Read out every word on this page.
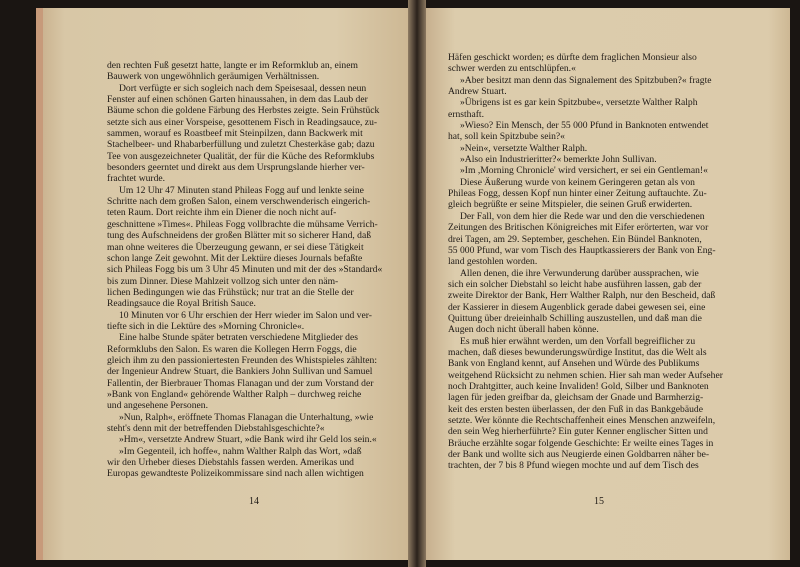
den rechten Fuß gesetzt hatte, langte er im Reformklub an, einem
Bauwerk von ungewöhnlich geräumigen Verhältnissen.
Dort verfügte er sich sogleich nach dem Speisesaal, dessen neun
Fenster auf einen schönen Garten hinaussahen, in dem das Laub der
Bäume schon die goldene Färbung des Herbstes zeigte. Sein Frühstück
setzte sich aus einer Vorspeise, gesottenem Fisch in Readingsauce, zu-
sammen, worauf es Roastbeef mit Steinpilzen, dann Backwerk mit
Stachelbeer- und Rhabarberfüllung und zuletzt Chesterkäse gab; dazu
Tee von ausgezeichneter Qualität, der für die Küche des Reformklubs
besonders geerntet und direkt aus dem Ursprungslande hierher ver-
frachtet wurde.
Um 12 Uhr 47 Minuten stand Phileas Fogg auf und lenkte seine
Schritte nach dem großen Salon, einem verschwenderisch eingerich-
teten Raum. Dort reichte ihm ein Diener die noch nicht auf-
geschnittene »Times«. Phileas Fogg vollbrachte die mühsame Verrich-
tung des Aufschneidens der großen Blätter mit so sicherer Hand, daß
man ohne weiteres die Überzeugung gewann, er sei diese Tätigkeit
schon lange Zeit gewohnt. Mit der Lektüre dieses Journals befaßte
sich Phileas Fogg bis um 3 Uhr 45 Minuten und mit der des »Standard«
bis zum Dinner. Diese Mahlzeit vollzog sich unter den näm-
lichen Bedingungen wie das Frühstück; nur trat an die Stelle der
Readingsauce die Royal British Sauce.
10 Minuten vor 6 Uhr erschien der Herr wieder im Salon und ver-
tiefte sich in die Lektüre des »Morning Chronicle«.
Eine halbe Stunde später betraten verschiedene Mitglieder des
Reformklubs den Salon. Es waren die Kollegen Herrn Foggs, die
gleich ihm zu den passioniertesten Freunden des Whistspieles zählten:
der Ingenieur Andrew Stuart, die Bankiers John Sullivan und Samuel
Fallentin, der Bierbrauer Thomas Flanagan und der zum Vorstand der
»Bank von England« gehörende Walther Ralph – durchweg reiche
und angesehene Personen.
»Nun, Ralph«, eröffnete Thomas Flanagan die Unterhaltung, »wie
steht's denn mit der betreffenden Diebstahlsgeschichte?«
»Hm«, versetzte Andrew Stuart, »die Bank wird ihr Geld los sein.«
»Im Gegenteil, ich hoffe«, nahm Walther Ralph das Wort, »daß
wir den Urheber dieses Diebstahls fassen werden. Amerikas und
Europas gewandteste Polizeikommissare sind nach allen wichtigen
14
Häfen geschickt worden; es dürfte dem fraglichen Monsieur also
schwer werden zu entschlüpfen.«
»Aber besitzt man denn das Signalement des Spitzbuben?« fragte
Andrew Stuart.
»Übrigens ist es gar kein Spitzbube«, versetzte Walther Ralph
ernsthaft.
»Wieso? Ein Mensch, der 55 000 Pfund in Banknoten entwendet
hat, soll kein Spitzbube sein?«
»Nein«, versetzte Walther Ralph.
»Also ein Industrieritter?« bemerkte John Sullivan.
»Im ,Morning Chronicle' wird versichert, er sei ein Gentleman!«
Diese Äußerung wurde von keinem Geringeren getan als von
Phileas Fogg, dessen Kopf nun hinter einer Zeitung auftauchte. Zu-
gleich begrüßte er seine Mitspieler, die seinen Gruß erwiderten.
Der Fall, von dem hier die Rede war und den die verschiedenen
Zeitungen des Britischen Königreiches mit Eifer erörterten, war vor
drei Tagen, am 29. September, geschehen. Ein Bündel Banknoten,
55 000 Pfund, war vom Tisch des Hauptkassierers der Bank von Eng-
land gestohlen worden.
Allen denen, die ihre Verwunderung darüber aussprachen, wie
sich ein solcher Diebstahl so leicht habe ausführen lassen, gab der
zweite Direktor der Bank, Herr Walther Ralph, nur den Bescheid, daß
der Kassierer in diesem Augenblick gerade dabei gewesen sei, eine
Quittung über dreieinhalb Schilling auszustellen, und daß man die
Augen doch nicht überall haben könne.
Es muß hier erwähnt werden, um den Vorfall begreiflicher zu
machen, daß dieses bewunderungswürdige Institut, das die Welt als
Bank von England kennt, auf Ansehen und Würde des Publikums
weitgehend Rücksicht zu nehmen schien. Hier sah man weder Aufseher
noch Drahtgitter, auch keine Invaliden! Gold, Silber und Banknoten
lagen für jeden greifbar da, gleichsam der Gnade und Barmherzig-
keit des ersten besten überlassen, der den Fuß in das Bankgebäude
setzte. Wer könnte die Rechtschaffenheit eines Menschen anzweifeln,
den sein Weg hierherführte? Ein guter Kenner englischer Sitten und
Bräuche erzählte sogar folgende Geschichte: Er weilte eines Tages in
der Bank und wollte sich aus Neugierde einen Goldbarren näher be-
trachten, der 7 bis 8 Pfund wiegen mochte und auf dem Tisch des
15
